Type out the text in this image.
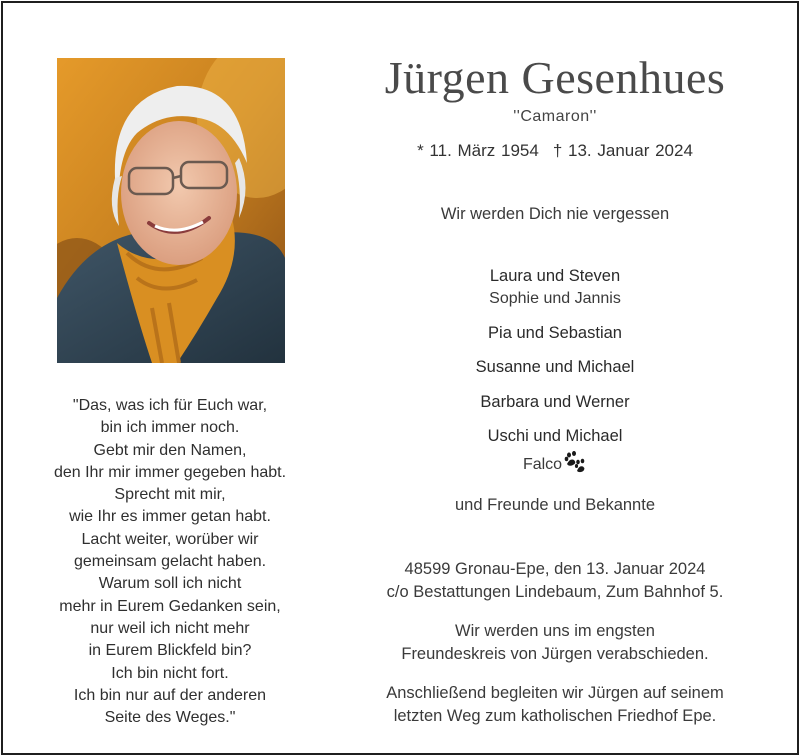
"Das, was ich für Euch war,
bin ich immer noch.
Gebt mir den Namen,
den Ihr mir immer gegeben habt.
Sprecht mit mir,
wie Ihr es immer getan habt.
Lacht weiter, worüber wir
gemeinsam gelacht haben.
Warum soll ich nicht
mehr in Eurem Gedanken sein,
nur weil ich nicht mehr
in Eurem Blickfeld bin?
Ich bin nicht fort.
Ich bin nur auf der anderen
Seite des Weges."
Jürgen Gesenhues
''Camaron''
* 11. März 1954 † 13. Januar 2024
Wir werden Dich nie vergessen
Laura und Steven
Sophie und Jannis
Pia und Sebastian
Susanne und Michael
Barbara und Werner
Uschi und Michael
Falco
und Freunde und Bekannte
48599 Gronau-Epe, den 13. Januar 2024
c/o Bestattungen Lindebaum, Zum Bahnhof 5.
Wir werden uns im engsten
Freundeskreis von Jürgen verabschieden.
Anschließend begleiten wir Jürgen auf seinem
letzten Weg zum katholischen Friedhof Epe.
